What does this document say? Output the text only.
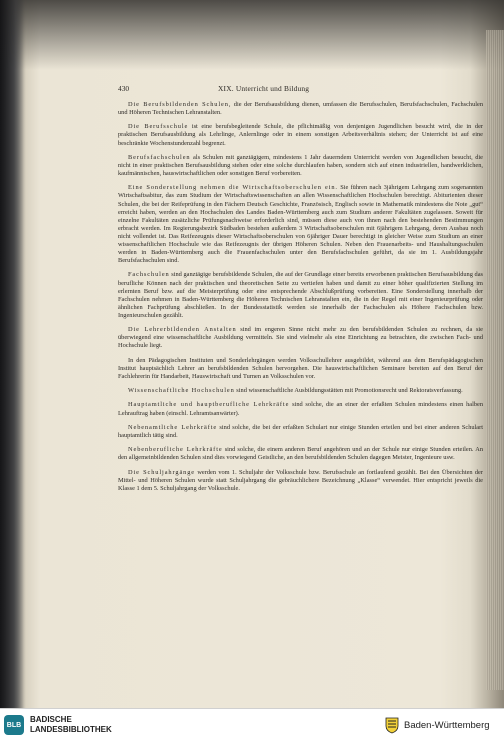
430	XIX. Unterricht und Bildung

Die Berufsbildenden Schulen, die der Berufsausbildung dienen, umfassen die Berufsschulen, Berufsfachschulen, Fachschulen und Höheren Technischen Lehranstalten.

Die Berufsschule ist eine berufsbegleitende Schule, die pflichtmäßig von denjenigen Jugendlichen besucht wird, die in der praktischen Berufsausbildung als Lehrlinge, Anlernlinge oder in einem sonstigen Arbeitsverhältnis stehen; der Unterricht ist auf eine beschränkte Wochenstundenzahl begrenzt.

Berufsfachschulen als Schulen mit ganztägigem, mindestens 1 Jahr dauerndem Unterricht werden von Jugendlichen besucht, die nicht in einer praktischen Berufsausbildung stehen oder eine solche durchlaufen haben, sondern sich auf einen industriellen, handwerklichen, kaufmännischen, hauswirtschaftlichen oder sonstigen Beruf vorbereiten.

Eine Sonderstellung nehmen die Wirtschaftsoberschulen ein. Sie führen nach 3jährigem Lehrgang zum sogenannten Wirtschaftsabitur, das zum Studium der Wirtschaftswissenschaften an allen Wissenschaftlichen Hochschulen berechtigt. Abiturienten dieser Schulen, die bei der Reifeprüfung in den Fächern Deutsch Geschichte, Französisch, Englisch sowie in Mathematik mindestens die Note „gut“ erreicht haben, werden an den Hochschulen des Landes Baden-Württemberg auch zum Studium anderer Fakultäten zugelassen. Soweit für einzelne Fakultäten zusätzliche Prüfungsnachweise erforderlich sind, müssen diese auch von ihnen nach den bestehenden Bestimmungen erbracht werden. Im Regierungsbezirk Südbaden bestehen außerdem 3 Wirtschaftsoberschulen mit 6jährigem Lehrgang, deren Ausbau noch nicht vollendet ist. Das Reifezeugnis dieser Wirtschaftsoberschulen von 6jähriger Dauer berechtigt in gleicher Weise zum Studium an einer wissenschaftlichen Hochschule wie das Reifezeugnis der übrigen Höheren Schulen. Neben den Frauenarbeits- und Haushaltungsschulen werden in Baden-Württemberg auch die Frauenfachschulen unter den Berufsfachschulen geführt, da sie im 1. Ausbildungsjahr Berufsfachschulen sind.

Fachschulen sind ganztägige berufsbildende Schulen, die auf der Grundlage einer bereits erworbenen praktischen Berufsausbildung das berufliche Können nach der praktischen und theoretischen Seite zu vertiefen haben und damit zu einer höher qualifizierten Stellung im erlernten Beruf bzw. auf die Meisterprüfung oder eine entsprechende Abschlußprüfung vorbereiten. Eine Sonderstellung innerhalb der Fachschulen nehmen in Baden-Württemberg die Höheren Technischen Lehranstalten ein, die in der Regel mit einer Ingenieurprüfung oder ähnlichen Fachprüfung abschließen. In der Bundesstatistik werden sie innerhalb der Fachschulen als Höhere Fachschulen bzw. Ingenieurschulen gezählt.

Die Lehrerbildenden Anstalten sind im engeren Sinne nicht mehr zu den berufsbildenden Schulen zu rechnen, da sie überwiegend eine wissenschaftliche Ausbildung vermitteln. Sie sind vielmehr als eine Einrichtung zu betrachten, die zwischen Fach- und Hochschule liegt.

In den Pädagogischen Instituten und Sonderlehrgängen werden Volksschullehrer ausgebildet, während aus dem Berufspädagogischen Institut hauptsächlich Lehrer an berufsbildenden Schulen hervorgehen. Die hauswirtschaftlichen Seminare bereiten auf den Beruf der Fachlehrerin für Handarbeit, Hauswirtschaft und Turnen an Volksschulen vor.

Wissenschaftliche Hochschulen sind wissenschaftliche Ausbildungsstätten mit Promotionsrecht und Rektoratsverfassung.

Hauptamtliche und hauptberufliche Lehrkräfte sind solche, die an einer der erfaßten Schulen mindestens einen halben Lehrauftrag haben (einschl. Lehramtsanwärter).

Nebenamtliche Lehrkräfte sind solche, die bei der erfaßten Schulart nur einige Stunden erteilen und bei einer anderen Schulart hauptamtlich tätig sind.

Nebenberufliche Lehrkräfte sind solche, die einem anderen Beruf angehören und an der Schule nur einige Stunden erteilen. An den allgemeinbildenden Schulen sind dies vorwiegend Geistliche, an den berufsbildenden Schulen dagegen Meister, Ingenieure usw.

Die Schuljahrgänge werden vom 1. Schuljahr der Volksschule bzw. Berufsschule an fortlaufend gezählt. Bei den Übersichten der Mittel- und Höheren Schulen wurde statt Schuljahrgang die gebräuchlichere Bezeichnung „Klasse“ verwendet. Hier entspricht jeweils die Klasse 1 dem 5. Schuljahrgang der Volksschule.

BLB
BADISCHE
LANDESBIBLIOTHEK	Baden-Württemberg
